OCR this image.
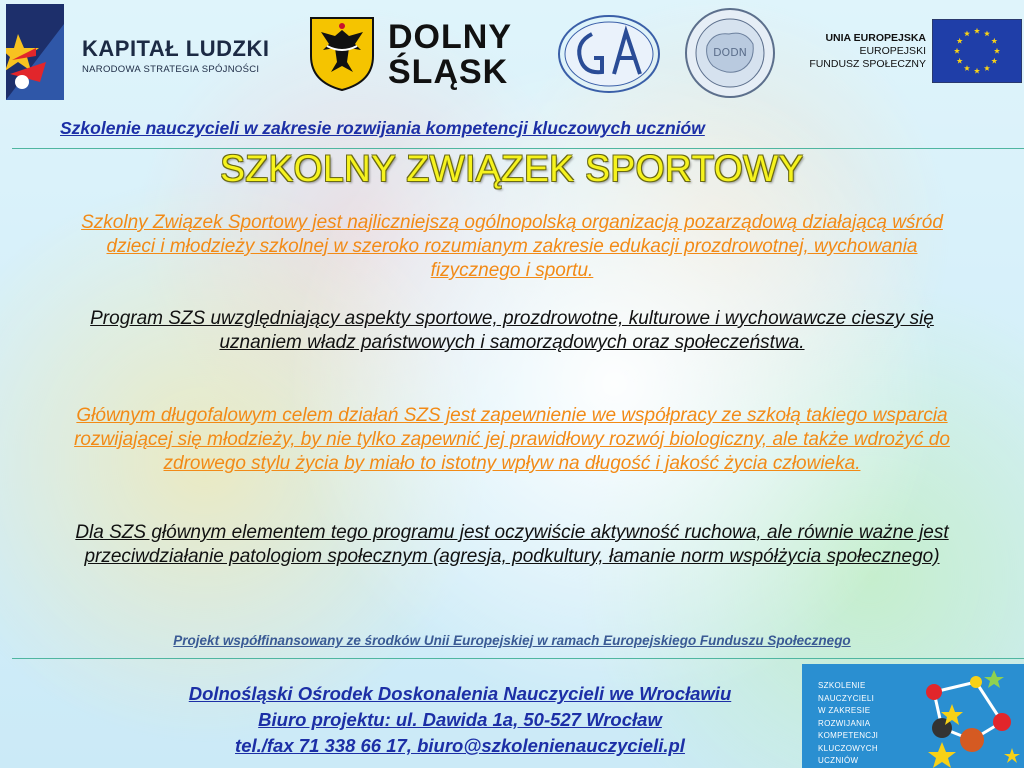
KAPITAŁ LUDZKI
NARODOWA STRATEGIA SPÓJNOŚCI
DOLNY
ŚLĄSK
DODN
UNIA EUROPEJSKA
EUROPEJSKI
FUNDUSZ SPOŁECZNY
Szkolenie nauczycieli w zakresie rozwijania kompetencji kluczowych uczniów
SZKOLNY ZWIĄZEK SPORTOWY
Szkolny Związek Sportowy jest najliczniejszą ogólnopolską organizacją pozarządową działającą wśród dzieci i młodzieży szkolnej w szeroko rozumianym zakresie edukacji prozdrowotnej, wychowania fizycznego i sportu.
Program SZS uwzględniający aspekty sportowe, prozdrowotne, kulturowe i wychowawcze cieszy się uznaniem władz państwowych i samorządowych oraz społeczeństwa.
Głównym długofalowym celem działań SZS jest zapewnienie we współpracy ze szkołą takiego wsparcia rozwijającej się młodzieży, by nie tylko zapewnić jej prawidłowy rozwój biologiczny, ale także wdrożyć do zdrowego stylu życia by miało to istotny wpływ na długość i jakość życia człowieka.
Dla SZS głównym elementem tego programu jest oczywiście aktywność ruchowa, ale równie ważne jest przeciwdziałanie patologiom społecznym (agresja, podkultury, łamanie norm współżycia społecznego)
Projekt współfinansowany ze środków Unii Europejskiej w ramach Europejskiego Funduszu Społecznego
Dolnośląski Ośrodek Doskonalenia Nauczycieli we Wrocławiu
Biuro projektu: ul. Dawida 1a, 50-527 Wrocław
tel./fax 71 338 66 17, biuro@szkolenienauczycieli.pl
SZKOLENIE NAUCZYCIELI
W ZAKRESIE
ROZWIJANIA
KOMPETENCJI
KLUCZOWYCH UCZNIÓW
